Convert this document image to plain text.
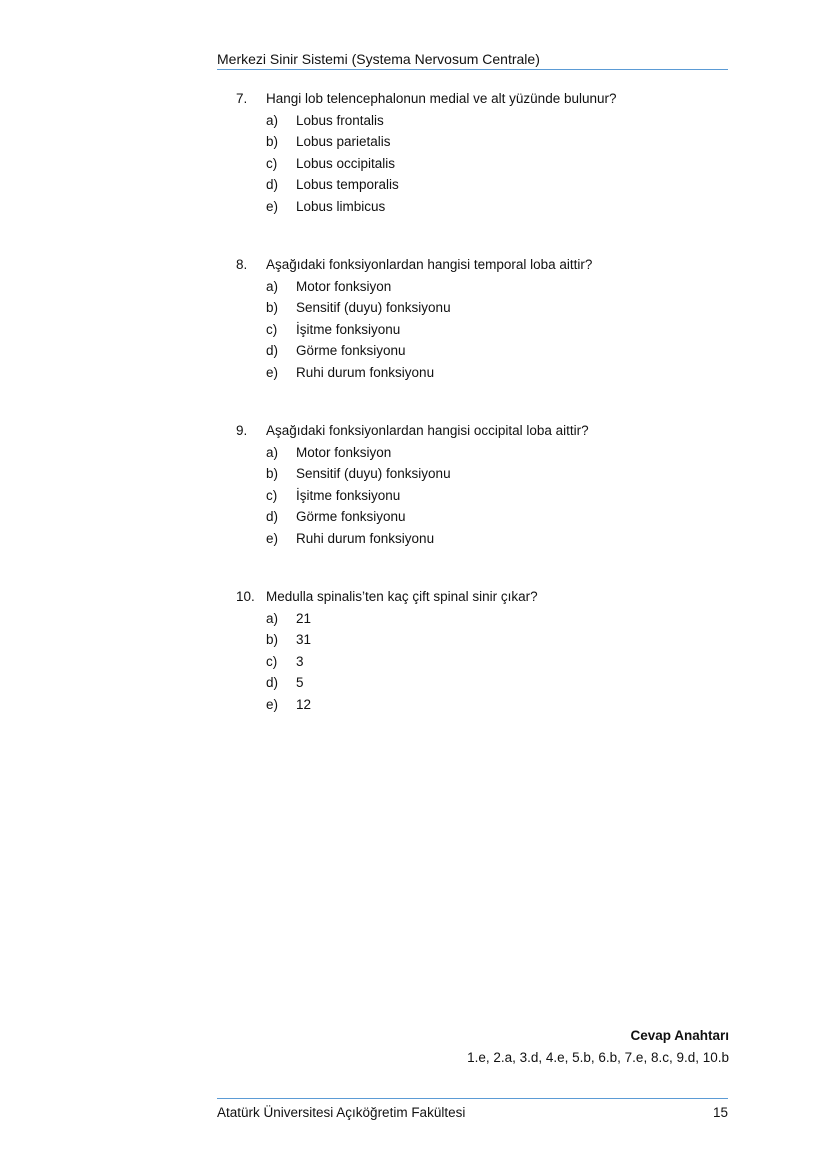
Merkezi Sinir Sistemi (Systema Nervosum Centrale)
7.	Hangi lob telencephalonun medial ve alt yüzünde bulunur?
a)	Lobus frontalis
b)	Lobus parietalis
c)	Lobus occipitalis
d)	Lobus temporalis
e)	Lobus limbicus
8.	Aşağıdaki fonksiyonlardan hangisi temporal loba aittir?
a)	Motor fonksiyon
b)	Sensitif (duyu) fonksiyonu
c)	İşitme fonksiyonu
d)	Görme fonksiyonu
e)	Ruhi durum fonksiyonu
9.	Aşağıdaki fonksiyonlardan hangisi occipital loba aittir?
a)	Motor fonksiyon
b)	Sensitif (duyu) fonksiyonu
c)	İşitme fonksiyonu
d)	Görme fonksiyonu
e)	Ruhi durum fonksiyonu
10. Medulla spinalis’ten kaç çift spinal sinir çıkar?
a)	21
b)	31
c)	3
d)	5
e)	12
Cevap Anahtarı
1.e, 2.a, 3.d, 4.e, 5.b, 6.b, 7.e, 8.c, 9.d, 10.b
Atatürk Üniversitesi Açıköğretim Fakültesi	15
